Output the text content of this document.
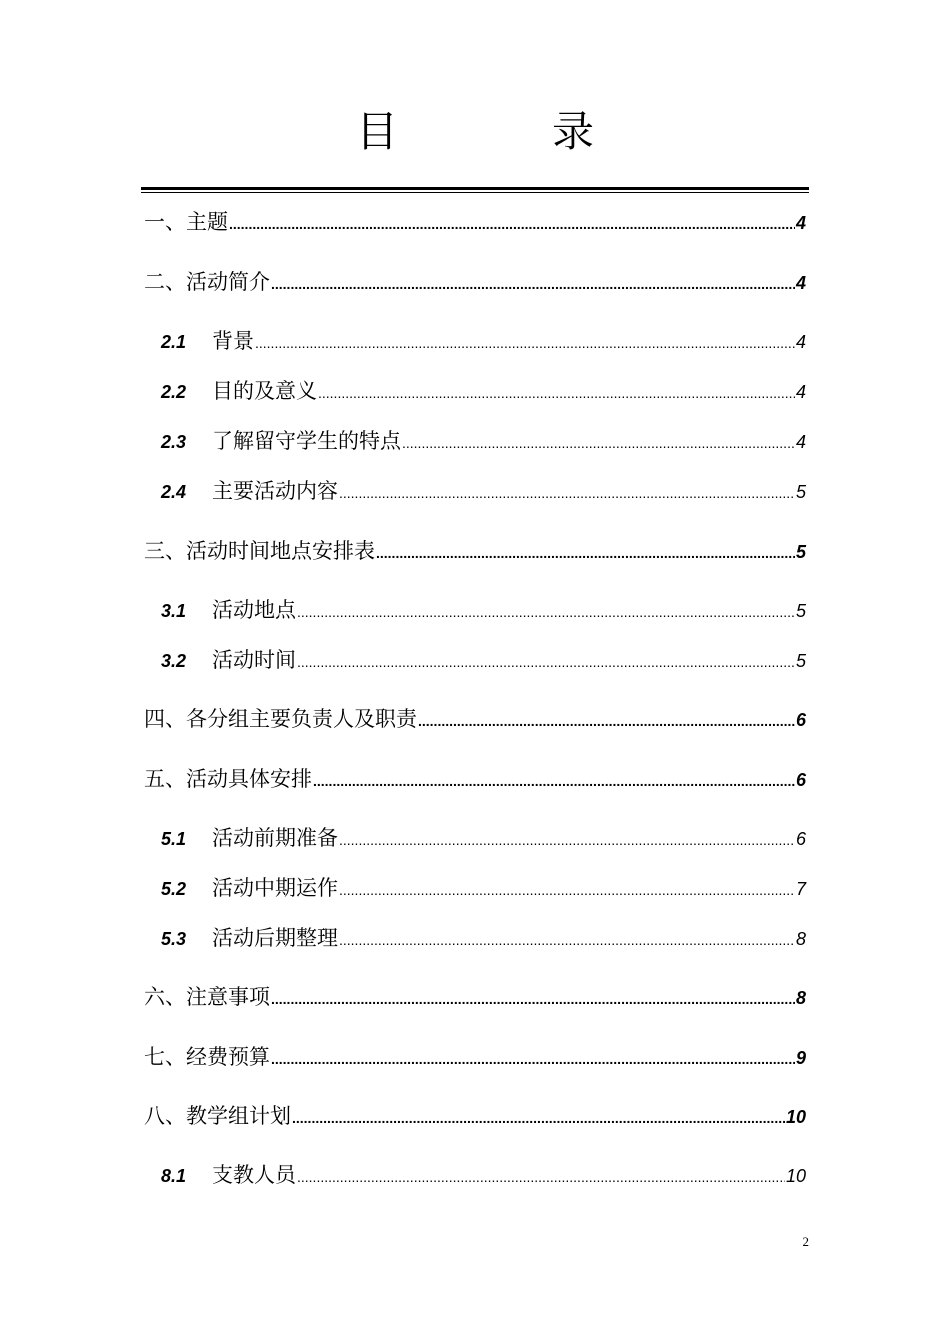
目　录
一、主题 .....	4
二、活动简介 .....	4
2.1	背景 .....	4
2.2	目的及意义 .....	4
2.3	了解留守学生的特点 .....	4
2.4	主要活动内容 .....	5
三、活动时间地点安排表 .....	5
3.1	活动地点 .....	5
3.2	活动时间 .....	5
四、各分组主要负责人及职责 .....	6
五、活动具体安排 .....	6
5.1	活动前期准备 .....	6
5.2	活动中期运作 .....	7
5.3	活动后期整理 .....	8
六、注意事项 .....	8
七、经费预算 .....	9
八、教学组计划 .....	10
8.1	支教人员 .....	10
2
